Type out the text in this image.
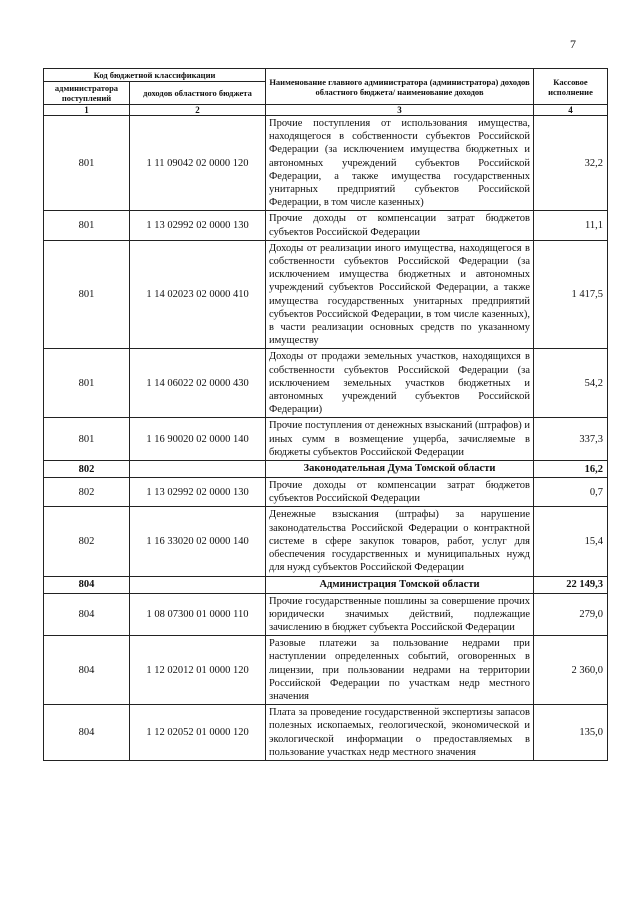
7
Код бюджетной классификации		Наименование главного администратора (администратора) доходов областного бюджета/ наименование доходов	Кассовое исполнение
администратора поступлений	доходов областного бюджета		
1	2	3	4
801	1 11 09042 02 0000 120	Прочие поступления от использования имущества, находящегося в собственности субъектов Российской Федерации (за исключением имущества бюджетных и автономных учреждений субъектов Российской Федерации, а также имущества государственных унитарных предприятий субъектов Российской Федерации, в том числе казенных)	32,2
801	1 13 02992 02 0000 130	Прочие доходы от компенсации затрат бюджетов субъектов Российской Федерации	11,1
801	1 14 02023 02 0000 410	Доходы от реализации иного имущества, находящегося в собственности субъектов Российской Федерации (за исключением имущества бюджетных и автономных учреждений субъектов Российской Федерации, а также имущества государственных унитарных предприятий субъектов Российской Федерации, в том числе казенных), в части реализации основных средств по указанному имуществу	1 417,5
801	1 14 06022 02 0000 430	Доходы от продажи земельных участков, находящихся в собственности субъектов Российской Федерации (за исключением земельных участков бюджетных и автономных учреждений субъектов Российской Федерации)	54,2
801	1 16 90020 02 0000 140	Прочие поступления от денежных взысканий (штрафов) и иных сумм в возмещение ущерба, зачисляемые в бюджеты субъектов Российской Федерации	337,3
802		Законодательная Дума Томской области	16,2
802	1 13 02992 02 0000 130	Прочие доходы от компенсации затрат бюджетов субъектов Российской Федерации	0,7
802	1 16 33020 02 0000 140	Денежные взыскания (штрафы) за нарушение законодательства Российской Федерации о контрактной системе в сфере закупок товаров, работ, услуг для обеспечения государственных и муниципальных нужд для нужд субъектов Российской Федерации	15,4
804		Администрация Томской области	22 149,3
804	1 08 07300 01 0000 110	Прочие государственные пошлины за совершение прочих юридически значимых действий, подлежащие зачислению в бюджет субъекта Российской Федерации	279,0
804	1 12 02012 01 0000 120	Разовые платежи за пользование недрами при наступлении определенных событий, оговоренных в лицензии, при пользовании недрами на территории Российской Федерации по участкам недр местного значения	2 360,0
804	1 12 02052 01 0000 120	Плата за проведение государственной экспертизы запасов полезных ископаемых, геологической, экономической и экологической информации о предоставляемых в пользование участках недр местного значения	135,0
